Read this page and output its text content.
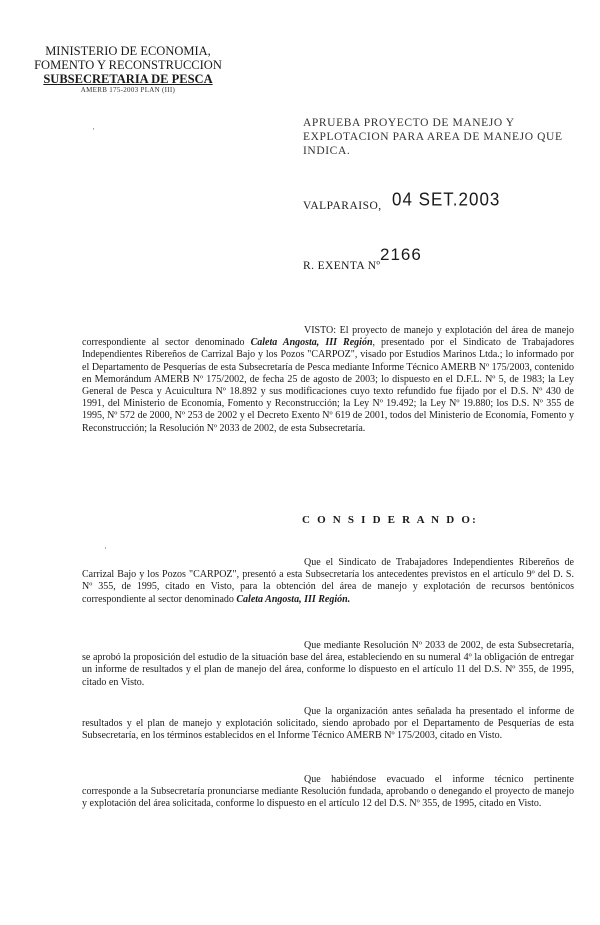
MINISTERIO DE ECONOMIA,
FOMENTO Y RECONSTRUCCION
SUBSECRETARIA DE PESCA
AMERB 175-2003 PLAN (III)
·	APRUEBA PROYECTO DE MANEJO Y EXPLOTACION PARA AREA DE MANEJO QUE INDICA.
VALPARAISO, 04 SET.2003
R. EXENTA Nº
2166
VISTO: El proyecto de manejo y explotación del área de manejo correspondiente al sector denominado Caleta Angosta, III Región, presentado por el Sindicato de Trabajadores Independientes Ribereños de Carrizal Bajo y los Pozos "CARPOZ", visado por Estudios Marinos Ltda.; lo informado por el Departamento de Pesquerías de esta Subsecretaría de Pesca mediante Informe Técnico AMERB Nº 175/2003, contenido en Memorándum AMERB Nº 175/2002, de fecha 25 de agosto de 2003; lo dispuesto en el D.F.L. Nº 5, de 1983; la Ley General de Pesca y Acuicultura Nº 18.892 y sus modificaciones cuyo texto refundido fue fijado por el D.S. Nº 430 de 1991, del Ministerio de Economía, Fomento y Reconstrucción; la Ley Nº 19.492; la Ley Nº 19.880; los D.S. Nº 355 de 1995, Nº 572 de 2000, Nº 253 de 2002 y el Decreto Exento Nº 619 de 2001, todos del Ministerio de Economía, Fomento y Reconstrucción; la Resolución Nº 2033 de 2002, de esta Subsecretaría.
C O N S I D E R A N D O:
·
Que el Sindicato de Trabajadores Independientes Ribereños de Carrizal Bajo y los Pozos "CARPOZ", presentó a esta Subsecretaría los antecedentes previstos en el artículo 9º del D. S. Nº 355, de 1995, citado en Visto, para la obtención del área de manejo y explotación de recursos bentónicos correspondiente al sector denominado Caleta Angosta, III Región.
Que mediante Resolución Nº 2033 de 2002, de esta Subsecretaría, se aprobó la proposición del estudio de la situación base del área, estableciendo en su numeral 4º la obligación de entregar un informe de resultados y el plan de manejo del área, conforme lo dispuesto en el artículo 11 del D.S. Nº 355, de 1995, citado en Visto.
Que la organización antes señalada ha presentado el informe de resultados y el plan de manejo y explotación solicitado, siendo aprobado por el Departamento de Pesquerías de esta Subsecretaría, en los términos establecidos en el Informe Técnico AMERB Nº 175/2003, citado en Visto.
Que habiéndose evacuado el informe técnico pertinente corresponde a la Subsecretaría pronunciarse mediante Resolución fundada, aprobando o denegando el proyecto de manejo y explotación del área solicitada, conforme lo dispuesto en el artículo 12 del D.S. Nº 355, de 1995, citado en Visto.
